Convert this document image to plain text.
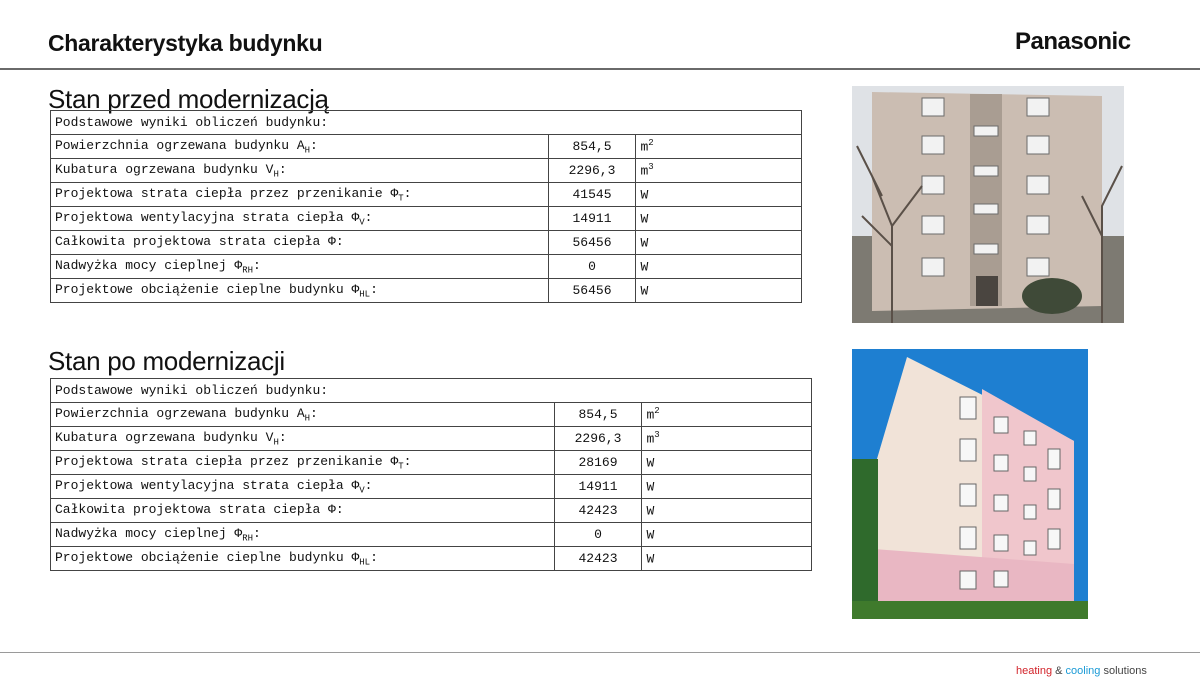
Charakterystyka budynku	Panasonic
Stan przed modernizacją
Podstawowe wyniki obliczeń budynku:		
Powierzchnia ogrzewana budynku $A_H$:	854,5	$m^2$
Kubatura ogrzewana budynku $V_H$:	2296,3	$m^3$
Projektowa strata ciepła przez przenikanie $\Phi_T$:	41545	W
Projektowa wentylacyjna strata ciepła $\Phi_V$:	14911	W
Całkowita projektowa strata ciepła Φ:	56456	W
Nadwyżka mocy cieplnej $\Phi_{RH}$:	0	W
Projektowe obciążenie cieplne budynku $\Phi_{HL}$:	56456	W
Stan po modernizacji
Podstawowe wyniki obliczeń budynku:		
Powierzchnia ogrzewana budynku $A_H$:	854,5	$m^2$
Kubatura ogrzewana budynku $V_H$:	2296,3	$m^3$
Projektowa strata ciepła przez przenikanie $\Phi_T$:	28169	W
Projektowa wentylacyjna strata ciepła $\Phi_V$:	14911	W
Całkowita projektowa strata ciepła Φ:	42423	W
Nadwyżka mocy cieplnej $\Phi_{RH}$:	0	W
Projektowe obciążenie cieplne budynku $\Phi_{HL}$:	42423	W
heating & cooling solutions
